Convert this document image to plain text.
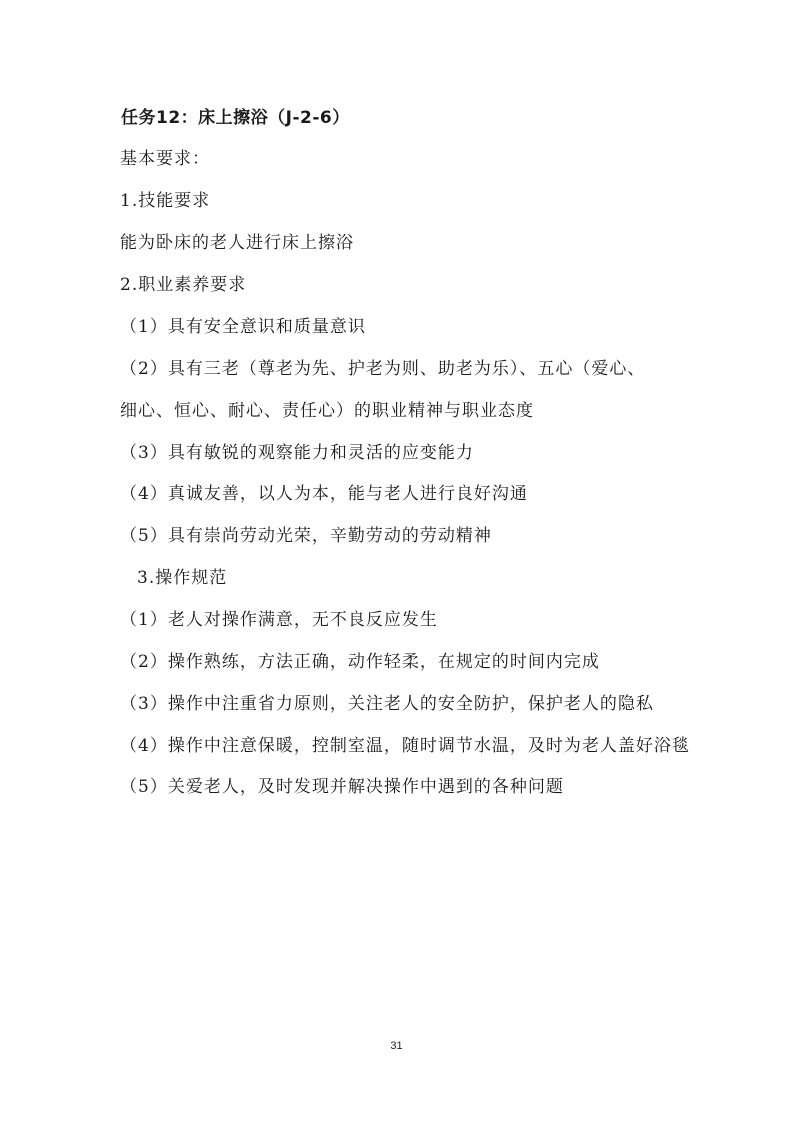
任务12：床上擦浴（J-2-6）
基本要求：
1.技能要求
能为卧床的老人进行床上擦浴
2.职业素养要求
（1）具有安全意识和质量意识
（2）具有三老（尊老为先、护老为则、助老为乐）、五心（爱心、
细心、恒心、耐心、责任心）的职业精神与职业态度
（3）具有敏锐的观察能力和灵活的应变能力
（4）真诚友善，以人为本，能与老人进行良好沟通
（5）具有崇尚劳动光荣，辛勤劳动的劳动精神
3.操作规范
（1）老人对操作满意，无不良反应发生
（2）操作熟练，方法正确，动作轻柔，在规定的时间内完成
（3）操作中注重省力原则，关注老人的安全防护，保护老人的隐私
（4）操作中注意保暖，控制室温，随时调节水温，及时为老人盖好浴毯
（5）关爱老人，及时发现并解决操作中遇到的各种问题
31
